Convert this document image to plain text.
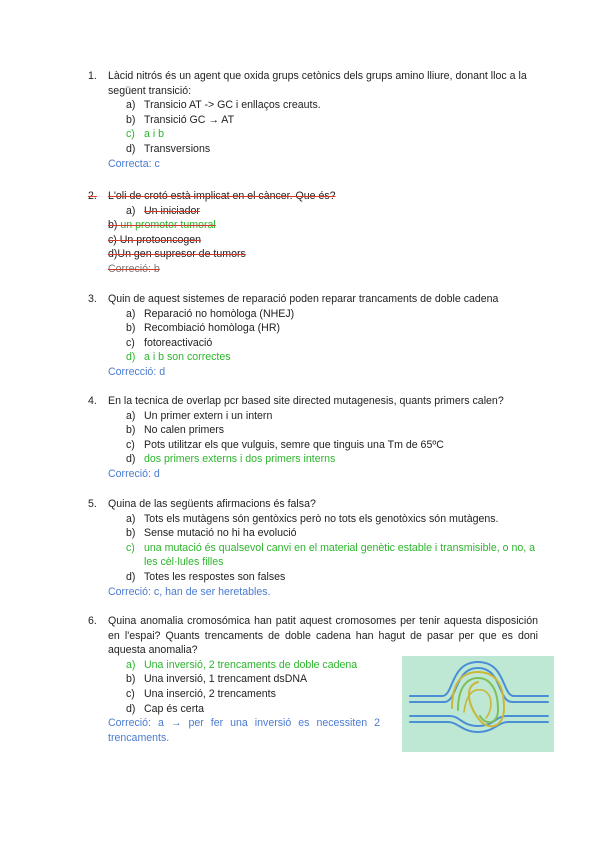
1.	Làcid nitrós és un agent que oxida grups cetònics dels grups amino lliure, donant lloc a la següent transició:
a) Transicio AT -> GC i enllaços creauts.
b) Transició GC → AT
c) a i b
d) Transversions
Correcta: c
2.	L'oli de crotó està implicat en el càncer. Que és?
a) Un iniciador
b) un promotor tumoral
c) Un protooncogen
d)Un gen supresor de tumors
Correció: b
3.	Quin de aquest sistemes de reparació poden reparar trancaments de doble cadena
a) Reparació no homòloga (NHEJ)
b) Recombiació homòloga (HR)
c) fotoreactivació
d) a i b son correctes
Correcció: d
4.	En la tecnica de overlap pcr based site directed mutagenesis, quants primers calen?
a) Un primer extern i un intern
b) No calen primers
c) Pots utilitzar els que vulguis, semre que tinguis una Tm de 65ºC
d) dos primers externs i dos primers interns
Correció: d
5.	Quina de las següents afirmacions és falsa?
a) Tots els mutàgens són gentòxics però no tots els genotòxics són mutàgens.
b) Sense mutació no hi ha evolució
c) una mutació és qualsevol canvi en el material genètic estable i transmisible, o no, a les cèl·lules filles
d) Totes les respostes son falses
Correció: c, han de ser heretables.
6.	Quina anomalia cromosómica han patit aquest cromosomes per tenir aquesta disposición en l'espai? Quants trencaments de doble cadena han hagut de pasar per que es doni aquesta anomalia?
a) Una inversió, 2 trencaments de doble cadena
b) Una inversió, 1 trencament dsDNA
c) Una inserció, 2 trencaments
d) Cap és certa
Correció: a → per fer una inversió es necessiten 2 trencaments.
